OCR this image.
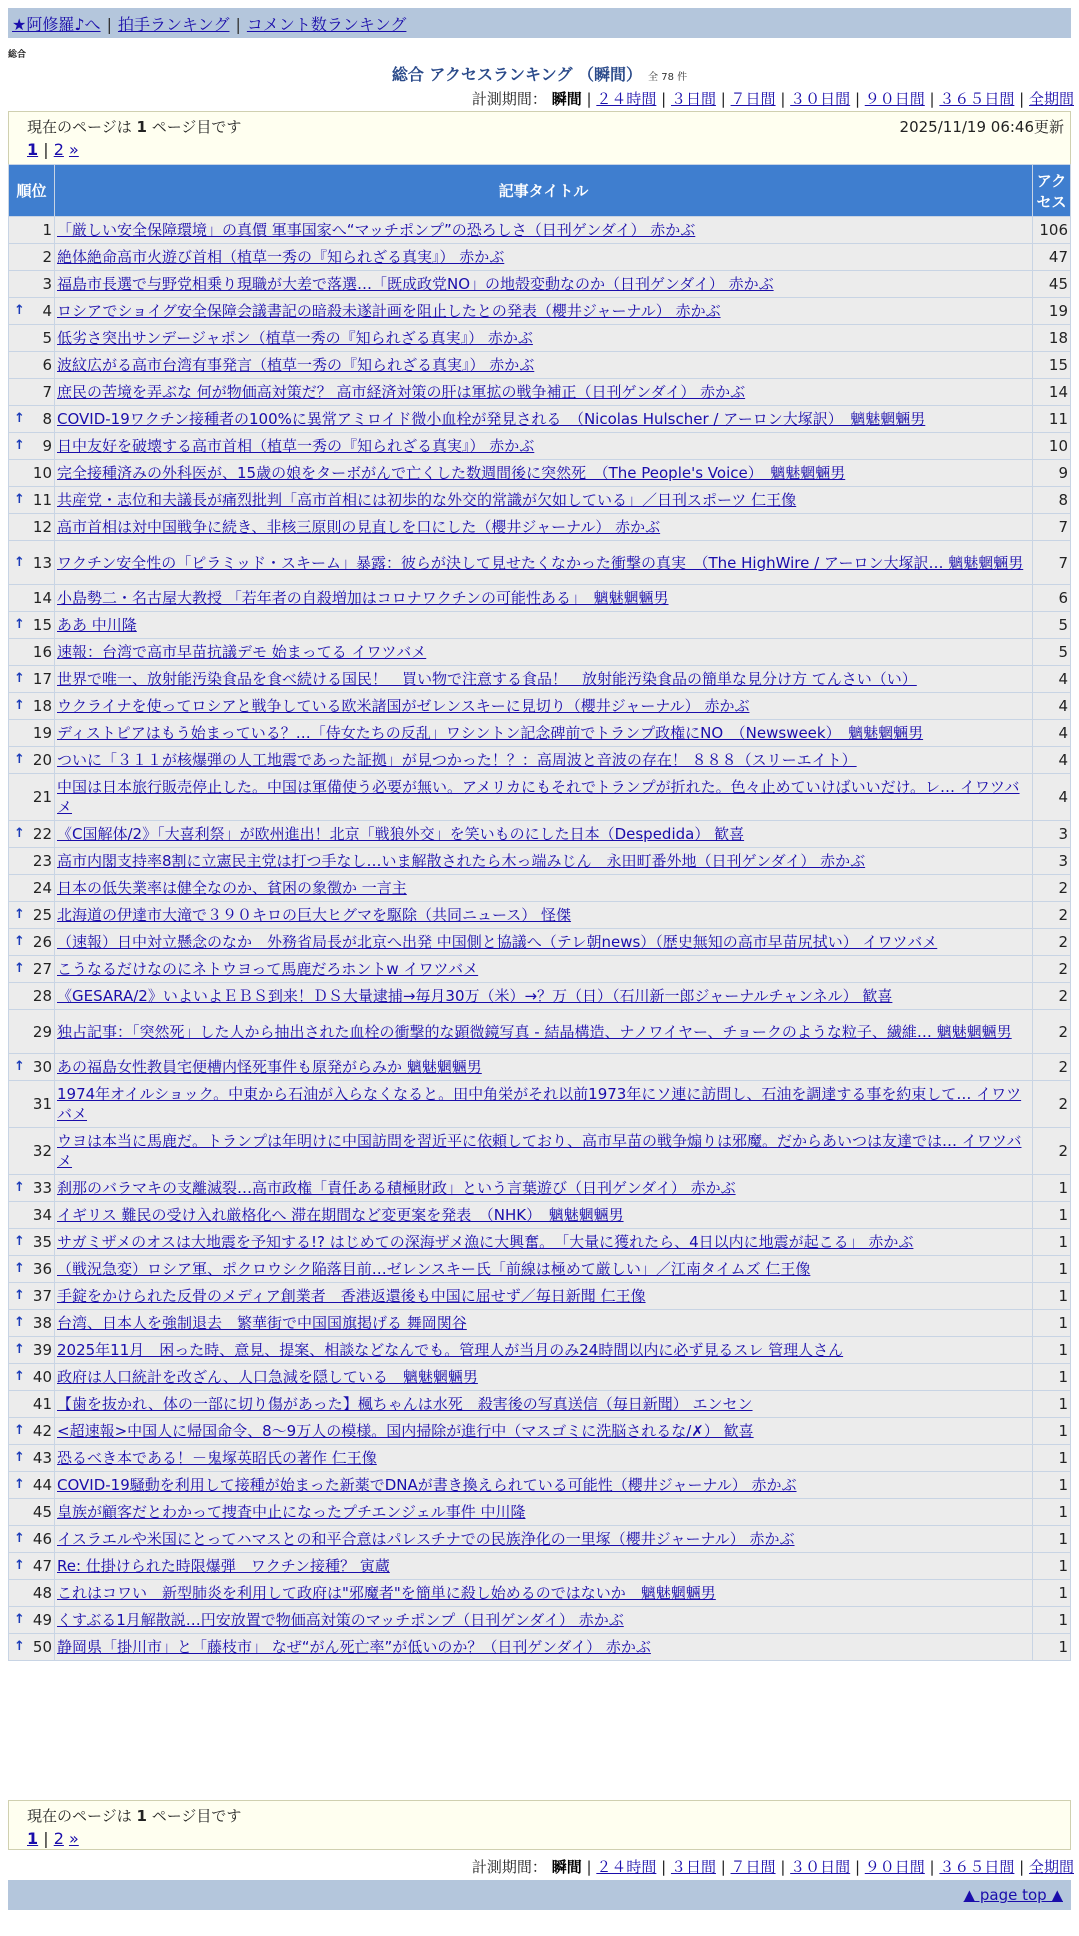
★阿修羅♪へ | 拍手ランキング | コメント数ランキング
総合
総合 アクセスランキング （瞬間） 全 78 件
計測期間： 瞬間 | ２４時間 | ３日間 | ７日間 | ３０日間 | ９０日間 | ３６５日間 | 全期間
現在のページは 1 ページ目です	2025/11/19 06:46更新
1 | 2 »
順位	記事タイトル	アクセス
1	「厳しい安全保障環境」の真價 軍事国家へ“マッチポンプ”の恐ろしさ（日刊ゲンダイ） 赤かぶ	106
2	絶体絶命高市火遊び首相（植草一秀の『知られざる真実』） 赤かぶ	47
3	福島市長選で与野党相乗り現職が大差で落選…「既成政党NO」の地殻変動なのか（日刊ゲンダイ） 赤かぶ	45

↑ 4	ロシアでショイグ安全保障会議書記の暗殺未遂計画を阻止したとの発表（櫻井ジャーナル） 赤かぶ	19
5	低劣さ突出サンデージャポン（植草一秀の『知られざる真実』） 赤かぶ	18
6	波紋広がる高市台湾有事発言（植草一秀の『知られざる真実』） 赤かぶ	15
7	庶民の苦境を弄ぶな 何が物価高対策だ？ 高市経済対策の肝は軍拡の戦争補正（日刊ゲンダイ） 赤かぶ	14

↑ 8	COVID-19ワクチン接種者の100%に異常アミロイド微小血栓が発見される　（Nicolas Hulscher / アーロン大塚訳）　魑魅魍魎男	11

↑ 9	日中友好を破壊する高市首相（植草一秀の『知られざる真実』） 赤かぶ	10
10	完全接種済みの外科医が、15歳の娘をターボがんで亡くした数週間後に突然死　（The People's Voice）　魑魅魍魎男	9

↑ 11	共産党・志位和夫議長が痛烈批判「高市首相には初歩的な外交的常識が欠如している」／日刊スポーツ 仁王像	8
12	高市首相は対中国戦争に続き、非核三原則の見直しを口にした（櫻井ジャーナル） 赤かぶ	7

↑ 13	ワクチン安全性の「ピラミッド・スキーム」暴露：彼らが決して見せたくなかった衝撃の真実　（The HighWire / アーロン大塚訳… 魑魅魍魎男	7
14	小島勢二・名古屋大教授 「若年者の自殺増加はコロナワクチンの可能性ある」　魑魅魍魎男	6

↑ 15	ああ 中川隆	5
16	速報：台湾で高市早苗抗議デモ 始まってる イワツバメ	5

↑ 17	世界で唯一、放射能汚染食品を食べ続ける国民！　買い物で注意する食品！　放射能汚染食品の簡単な見分け方 てんさい（い）	4

↑ 18	ウクライナを使ってロシアと戦争している欧米諸国がゼレンスキーに見切り（櫻井ジャーナル） 赤かぶ	4
19	ディストピアはもう始まっている？…「侍女たちの反乱」ワシントン記念碑前でトランプ政権にNO　（Newsweek）　魑魅魍魎男	4

↑ 20	ついに「３１１が核爆弾の人工地震であった証拠」が見つかった！？：高周波と音波の存在！ ８８８（スリーエイト）	4
21	中国は日本旅行販売停止した。中国は軍備使う必要が無い。アメリカにもそれでトランプが折れた。色々止めていけばいいだけ。レ… イワツバメ	4

↑ 22	《C国解体/2》「大喜利祭」が欧州進出！北京「戦狼外交」を笑いものにした日本（Despedida） 歓喜	3
23	高市内閣支持率8割に立憲民主党は打つ手なし…いま解散されたら木っ端みじん　永田町番外地（日刊ゲンダイ） 赤かぶ	3
24	日本の低失業率は健全なのか、貧困の象徴か 一言主	2

↑ 25	北海道の伊達市大滝で３９０キロの巨大ヒグマを駆除（共同ニュース） 怪傑	2

↑ 26	（速報）日中対立懸念のなか　外務省局長が北京へ出発 中国側と協議へ（テレ朝news）（歴史無知の高市早苗尻拭い） イワツバメ	2

↑ 27	こうなるだけなのにネトウヨって馬鹿だろホントw イワツバメ	2
28	《GESARA/2》いよいよＥＢＳ到来！ＤＳ大量逮捕→毎月30万（米）→？万（日）（石川新一郎ジャーナルチャンネル） 歓喜	2
29	独占記事：「突然死」した人から抽出された血栓の衝撃的な顕微鏡写真 - 結晶構造、ナノワイヤー、チョークのような粒子、繊維… 魑魅魍魎男	2

↑ 30	あの福島女性教員宅便槽内怪死事件も原発がらみか 魑魅魍魎男	2
31	1974年オイルショック。中東から石油が入らなくなると。田中角栄がそれ以前1973年にソ連に訪問し、石油を調達する事を約束して… イワツバメ	2
32	ウヨは本当に馬鹿だ。トランプは年明けに中国訪問を習近平に依頼しており、高市早苗の戦争煽りは邪魔。だからあいつは友達では… イワツバメ	2

↑ 33	刹那のバラマキの支離滅裂…高市政権「責任ある積極財政」という言葉遊び（日刊ゲンダイ） 赤かぶ	1
34	イギリス 難民の受け入れ厳格化へ 滞在期間など変更案を発表　（NHK）　魑魅魍魎男	1

↑ 35	サガミザメのオスは大地震を予知する!? はじめての深海ザメ漁に大興奮。　「大量に獲れたら、4日以内に地震が起こる」 赤かぶ	1

↑ 36	（戦況急変）ロシア軍、ポクロウシク陥落目前…ゼレンスキー氏「前線は極めて厳しい」／江南タイムズ 仁王像	1

↑ 37	手錠をかけられた反骨のメディア創業者　香港返還後も中国に屈せず／毎日新聞 仁王像	1

↑ 38	台湾、日本人を強制退去　繁華街で中国国旗掲げる 舞岡関谷	1

↑ 39	2025年11月　困った時、意見、提案、相談などなんでも。管理人が当月のみ24時間以内に必ず見るスレ 管理人さん	1

↑ 40	政府は人口統計を改ざん、人口急減を隠している　魑魅魍魎男	1
41	【歯を抜かれ、体の一部に切り傷があった】楓ちゃんは水死　殺害後の写真送信（毎日新聞） エンセン	1

↑ 42	<超速報>中国人に帰国命令、8～9万人の模様。国内掃除が進行中（マスゴミに洗脳されるな/✗） 歓喜	1

↑ 43	恐るべき本である！－鬼塚英昭氏の著作 仁王像	1

↑ 44	COVID-19騒動を利用して接種が始まった新薬でDNAが書き換えられている可能性（櫻井ジャーナル） 赤かぶ	1
45	皇族が顧客だとわかって捜査中止になったプチエンジェル事件 中川隆	1

↑ 46	イスラエルや米国にとってハマスとの和平合意はパレスチナでの民族浄化の一里塚（櫻井ジャーナル） 赤かぶ	1

↑ 47	Re: 仕掛けられた時限爆弾　ワクチン接種？ 寅蔵	1
48	これはコワい　新型肺炎を利用して政府は"邪魔者"を簡単に殺し始めるのではないか　魑魅魍魎男	1

↑ 49	くすぶる1月解散説…円安放置で物価高対策のマッチポンプ（日刊ゲンダイ） 赤かぶ	1

↑ 50	静岡県「掛川市」と「藤枝市」 なぜ“がん死亡率”が低いのか？（日刊ゲンダイ） 赤かぶ	1
現在のページは 1 ページ目です
1 | 2 »
計測期間： 瞬間 | ２４時間 | ３日間 | ７日間 | ３０日間 | ９０日間 | ３６５日間 | 全期間
▲ page top ▲
